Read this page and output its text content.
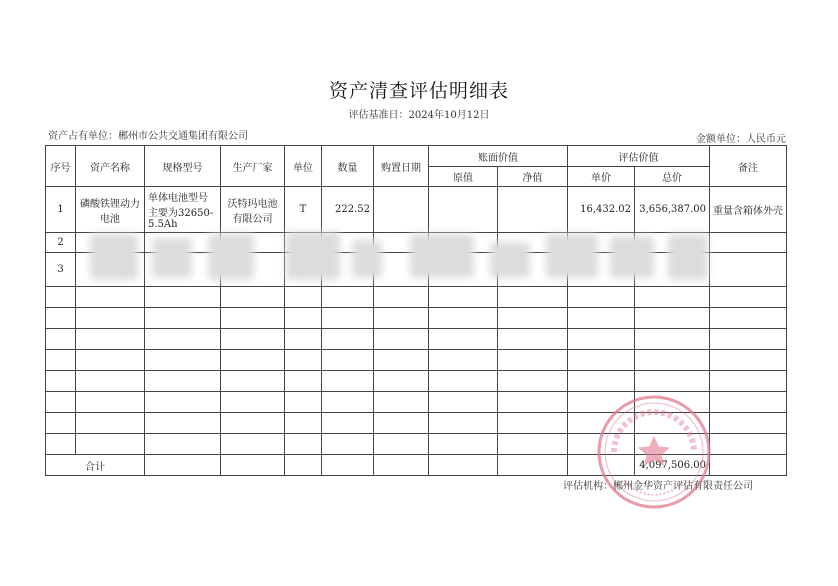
资产清查评估明细表
评估基准日：2024年10月12日
资产占有单位：郴州市公共交通集团有限公司	金额单位：人民币元
序号	资产名称	规格型号	生产厂家	单位	数量	购置日期	账面价值		评估价值		备注
							原值	净值	单价	总价	
1	磷酸铁锂动力电池	单体电池型号主要为32650-5.5Ah	沃特玛电池有限公司	T	222.52				16,432.02	3,656,387.00	重量含箱体外壳
2											
3											

合计										4,097,506.00	
评估机构：郴州金华资产评估有限责任公司
